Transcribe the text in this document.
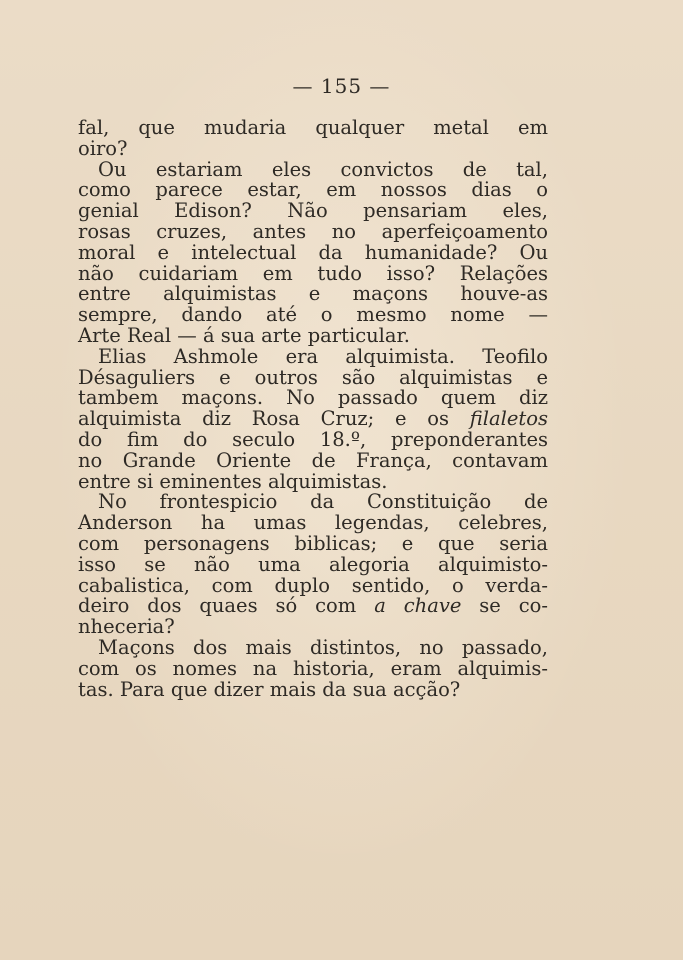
— 155 —
fal, que mudaria qualquer metal em
oiro?
Ou estariam eles convictos de tal,
como parece estar, em nossos dias o
genial Edison? Não pensariam eles,
rosas cruzes, antes no aperfeiçoamento
moral e intelectual da humanidade? Ou
não cuidariam em tudo isso? Relações
entre alquimistas e maçons houve-as
sempre, dando até o mesmo nome —
Arte Real — á sua arte particular.
Elias Ashmole era alquimista. Teofilo
Désaguliers e outros são alquimistas e
tambem maçons. No passado quem diz
alquimista diz Rosa Cruz; e os filaletos
do fim do seculo 18.º, preponderantes
no Grande Oriente de França, contavam
entre si eminentes alquimistas.
No frontespicio da Constituição de
Anderson ha umas legendas, celebres,
com personagens biblicas; e que seria
isso se não uma alegoria alquimisto-
cabalistica, com duplo sentido, o verda-
deiro dos quaes só com a chave se co-
nheceria?
Maçons dos mais distintos, no passado,
com os nomes na historia, eram alquimis-
tas. Para que dizer mais da sua acção?
